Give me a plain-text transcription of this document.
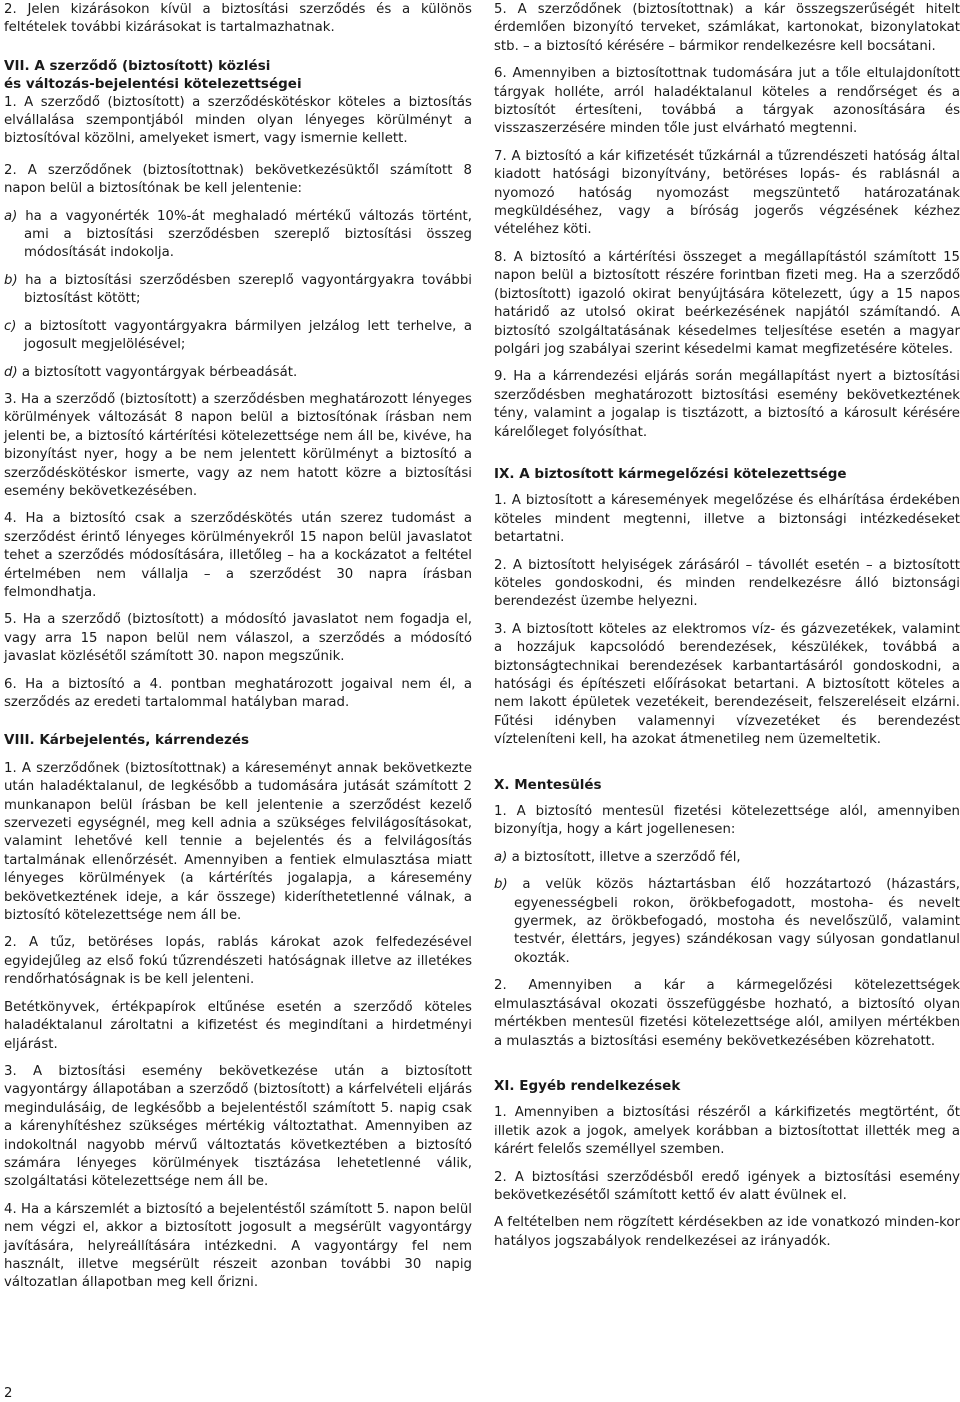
2. Jelen kizárásokon kívül a biztosítási szerződés és a különös feltételek további kizárásokat is tartalmazhatnak.

VII. A szerződő (biztosított) közlési
és változás-bejelentési kötelezettségei

1. A szerződő (biztosított) a szerződéskötéskor köteles a biztosítás elvállalása szempontjából minden olyan lényeges körülményt a biztosítóval közölni, amelyeket ismert, vagy ismernie kellett.

2. A szerződőnek (biztosítottnak) bekövetkezésüktől számított 8 napon belül a biztosítónak be kell jelentenie:

a) ha a vagyonérték 10%-át meghaladó mértékű változás történt, ami a biztosítási szerződésben szereplő biztosítási összeg módosítását indokolja.

b) ha a biztosítási szerződésben szereplő vagyontárgyakra további biztosítást kötött;

c) a biztosított vagyontárgyakra bármilyen jelzálog lett terhelve, a jogosult megjelölésével;

d) a biztosított vagyontárgyak bérbeadását.

3. Ha a szerződő (biztosított) a szerződésben meghatározott lényeges körülmények változását 8 napon belül a biztosítónak írásban nem jelenti be, a biztosító kártérítési kötelezettsége nem áll be, kivéve, ha bizonyítást nyer, hogy a be nem jelentett körülményt a biztosító a szerződéskötéskor ismerte, vagy az nem hatott közre a biztosítási esemény bekövetkezésében.

4. Ha a biztosító csak a szerződéskötés után szerez tudomást a szerződést érintő lényeges körülményekről 15 napon belül javaslatot tehet a szerződés módosítására, illetőleg – ha a kockázatot a feltétel értelmében nem vállalja – a szerződést 30 napra írásban felmondhatja.

5. Ha a szerződő (biztosított) a módosító javaslatot nem fogadja el, vagy arra 15 napon belül nem válaszol, a szerződés a módosító javaslat közlésétől számított 30. napon megszűnik.

6. Ha a biztosító a 4. pontban meghatározott jogaival nem él, a szerződés az eredeti tartalommal hatályban marad.

VIII. Kárbejelentés, kárrendezés

1. A szerződőnek (biztosítottnak) a káreseményt annak bekövetkezte után haladéktalanul, de legkésőbb a tudomására jutását számított 2 munkanapon belül írásban be kell jelentenie a szerződést kezelő szervezeti egységnél, meg kell adnia a szükséges felvilágosításokat, valamint lehetővé kell tennie a bejelentés és a felvilágosítás tartalmának ellenőrzését. Amennyiben a fentiek elmulasztása miatt lényeges körülmények (a kártérítés jogalapja, a káresemény bekövetkeztének ideje, a kár összege) kideríthetetlenné válnak, a biztosító kötelezettsége nem áll be.

2. A tűz, betöréses lopás, rablás károkat azok felfedezésével egyidejűleg az első fokú tűzrendészeti hatóságnak illetve az illetékes rendőrhatóságnak is be kell jelenteni.

Betétkönyvek, értékpapírok eltűnése esetén a szerződő köteles haladéktalanul zároltatni a kifizetést és megindítani a hirdetményi eljárást.

3. A biztosítási esemény bekövetkezése után a biztosított vagyontárgy állapotában a szerződő (biztosított) a kárfelvételi eljárás megindulásáig, de legkésőbb a bejelentéstől számított 5. napig csak a kárenyhítéshez szükséges mértékig változtathat. Amennyiben az indokoltnál nagyobb mérvű változtatás következtében a biztosító számára lényeges körülmények tisztázása lehetetlenné válik, szolgáltatási kötelezettsége nem áll be.

4. Ha a kárszemlét a biztosító a bejelentéstől számított 5. napon belül nem végzi el, akkor a biztosított jogosult a megsérült vagyontárgy javítására, helyreállítására intézkedni. A vagyontárgy fel nem használt, illetve megsérült részeit azonban további 30 napig változatlan állapotban meg kell őrizni.

5. A szerződőnek (biztosítottnak) a kár összegszerűségét hitelt érdemlően bizonyító terveket, számlákat, kartonokat, bizonylatokat stb. – a biztosító kérésére – bármikor rendelkezésre kell bocsátani.

6. Amennyiben a biztosítottnak tudomására jut a tőle eltulajdonított tárgyak holléte, arról haladéktalanul köteles a rendőrséget és a biztosítót értesíteni, továbbá a tárgyak azonosítására és visszaszerzésére minden tőle just elvárható megtenni.

7. A biztosító a kár kifizetését tűzkárnál a tűzrendészeti hatóság által kiadott hatósági bizonyítvány, betöréses lopás- és rablásnál a nyomozó hatóság nyomozást megszüntető határozatának megküldéséhez, vagy a bíróság jogerős végzésének kézhez vételéhez köti.

8. A biztosító a kártérítési összeget a megállapítástól számított 15 napon belül a biztosított részére forintban fizeti meg. Ha a szerződő (biztosított) igazoló okirat benyújtására kötelezett, úgy a 15 napos határidő az utolsó okirat beérkezésének napjától számítandó. A biztosító szolgáltatásának késedelmes teljesítése esetén a magyar polgári jog szabályai szerint késedelmi kamat megfizetésére köteles.

9. Ha a kárrendezési eljárás során megállapítást nyert a biztosítási szerződésben meghatározott biztosítási esemény bekövetkeztének tény, valamint a jogalap is tisztázott, a biztosító a károsult kérésére kárelőleget folyósíthat.

IX. A biztosított kármegelőzési kötelezettsége

1. A biztosított a káresemények megelőzése és elhárítása érdekében köteles mindent megtenni, illetve a biztonsági intézkedéseket betartatni.

2. A biztosított helyiségek zárásáról – távollét esetén – a biztosított köteles gondoskodni, és minden rendelkezésre álló biztonsági berendezést üzembe helyezni.

3. A biztosított köteles az elektromos víz- és gázvezetékek, valamint a hozzájuk kapcsolódó berendezések, készülékek, továbbá a biztonságtechnikai berendezések karbantartásáról gondoskodni, a hatósági és építészeti előírásokat betartani. A biztosított köteles a nem lakott épületek vezetékeit, berendezéseit, felszereléseit elzárni. Fűtési idényben valamennyi vízvezetéket és berendezést vízteleníteni kell, ha azokat átmenetileg nem üzemeltetik.

X. Mentesülés

1. A biztosító mentesül fizetési kötelezettsége alól, amennyiben bizonyítja, hogy a kárt jogellenesen:

a) a biztosított, illetve a szerződő fél,

b) a velük közös háztartásban élő hozzátartozó (házastárs, egyenességbeli rokon, örökbefogadott, mostoha- és nevelt gyermek, az örökbefogadó, mostoha és nevelőszülő, valamint testvér, élettárs, jegyes) szándékosan vagy súlyosan gondatlanul okozták.

2. Amennyiben a kár a kármegelőzési kötelezettségek elmulasztásával okozati összefüggésbe hozható, a biztosító olyan mértékben mentesül fizetési kötelezettsége alól, amilyen mértékben a mulasztás a biztosítási esemény bekövetkezésében közrehatott.

XI. Egyéb rendelkezések

1. Amennyiben a biztosítási részéről a kárkifizetés megtörtént, őt illetik azok a jogok, amelyek korábban a biztosítottat illették meg a kárért felelős személlyel szemben.

2. A biztosítási szerződésből eredő igények a biztosítási esemény bekövetkezésétől számított kettő év alatt évülnek el.

A feltételben nem rögzített kérdésekben az ide vonatkozó minden-kor hatályos jogszabályok rendelkezései az irányadók.

2
